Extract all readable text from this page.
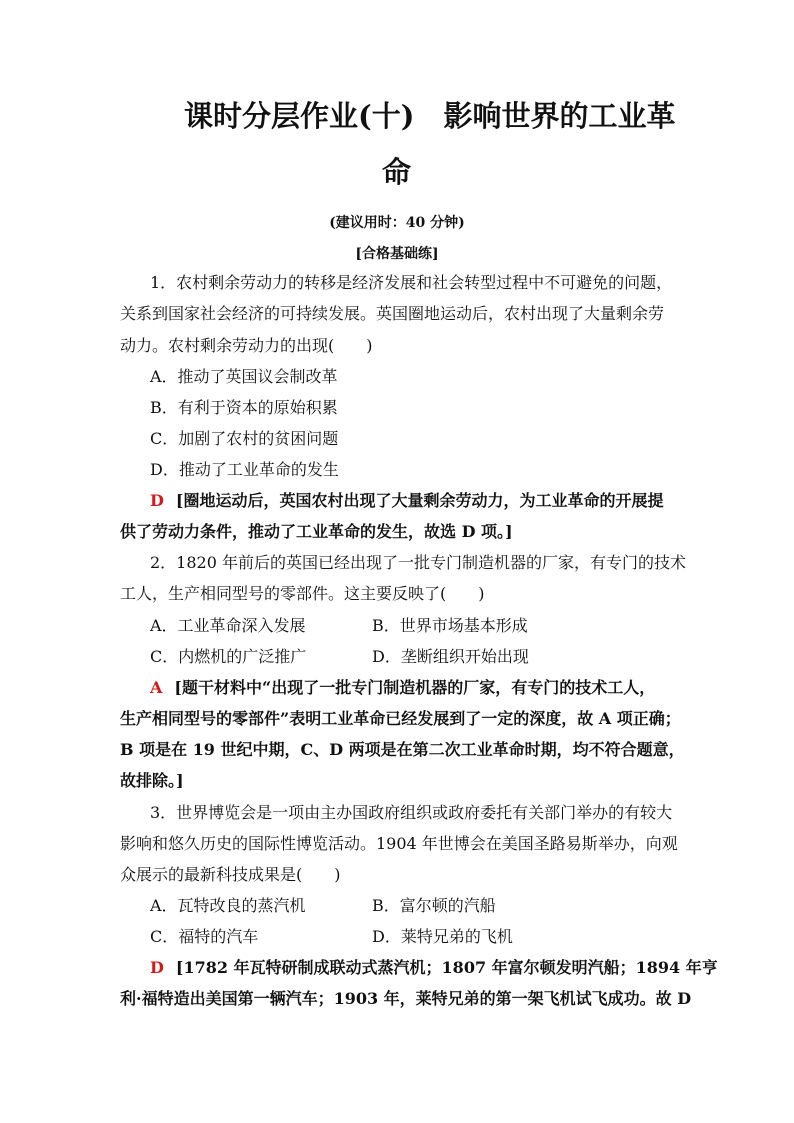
课时分层作业(十)　影响世界的工业革
命
(建议用时：40 分钟)
[合格基础练]
1．农村剩余劳动力的转移是经济发展和社会转型过程中不可避免的问题，
关系到国家社会经济的可持续发展。英国圈地运动后，农村出现了大量剩余劳
动力。农村剩余劳动力的出现(　　)
A．推动了英国议会制改革
B．有利于资本的原始积累
C．加剧了农村的贫困问题
D．推动了工业革命的发生
D [圈地运动后，英国农村出现了大量剩余劳动力，为工业革命的开展提
供了劳动力条件，推动了工业革命的发生，故选 D 项。]
2．1820 年前后的英国已经出现了一批专门制造机器的厂家，有专门的技术
工人，生产相同型号的零部件。这主要反映了(　　)
A．工业革命深入发展	B．世界市场基本形成
C．内燃机的广泛推广	D．垄断组织开始出现
A [题干材料中“出现了一批专门制造机器的厂家，有专门的技术工人，
生产相同型号的零部件”表明工业革命已经发展到了一定的深度，故 A 项正确；
B 项是在 19 世纪中期，C、D 两项是在第二次工业革命时期，均不符合题意，
故排除。]
3．世界博览会是一项由主办国政府组织或政府委托有关部门举办的有较大
影响和悠久历史的国际性博览活动。1904 年世博会在美国圣路易斯举办，向观
众展示的最新科技成果是(　　)
A．瓦特改良的蒸汽机	B．富尔顿的汽船
C．福特的汽车	D．莱特兄弟的飞机
D [1782 年瓦特研制成联动式蒸汽机；1807 年富尔顿发明汽船；1894 年亨
利·福特造出美国第一辆汽车；1903 年，莱特兄弟的第一架飞机试飞成功。故 D
